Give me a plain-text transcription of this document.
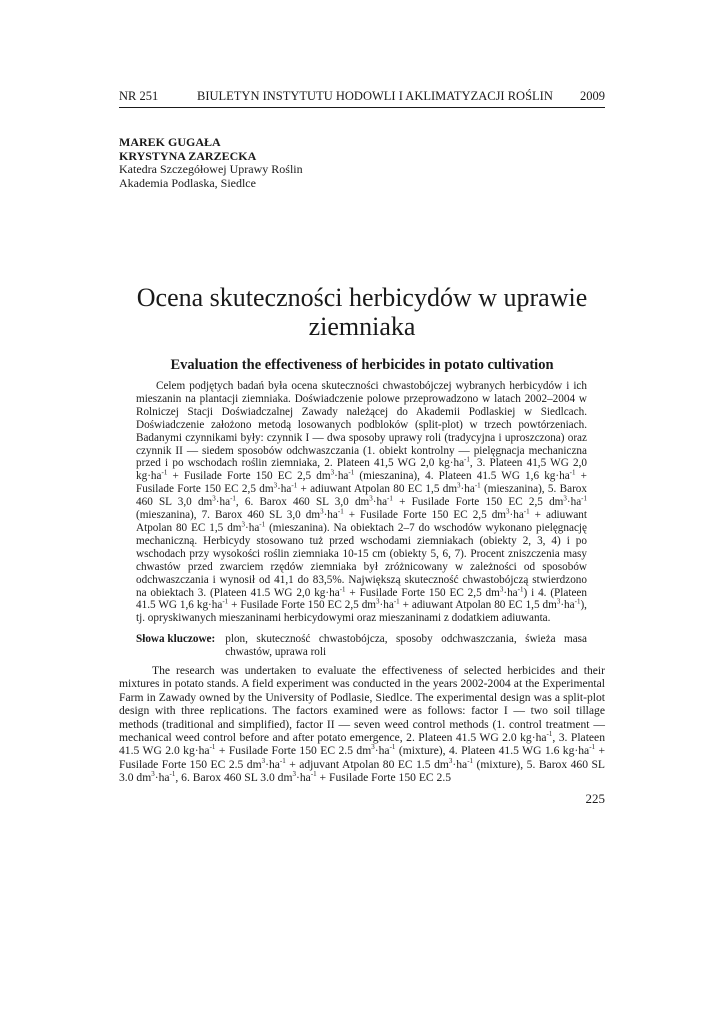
NR 251	BIULETYN INSTYTUTU HODOWLI I AKLIMATYZACJI ROŚLIN 2009
MAREK GUGAŁA
KRYSTYNA ZARZECKA
Katedra Szczegółowej Uprawy Roślin
Akademia Podlaska, Siedlce
Ocena skuteczności herbicydów w uprawie ziemniaka
Evaluation the effectiveness of herbicides in potato cultivation
Celem podjętych badań była ocena skuteczności chwastobójczej wybranych herbicydów i ich mieszanin na plantacji ziemniaka. Doświadczenie polowe przeprowadzono w latach 2002–2004 w Rolniczej Stacji Doświadczalnej Zawady należącej do Akademii Podlaskiej w Siedlcach. Doświadczenie założono metodą losowanych podbloków (split-plot) w trzech powtórzeniach. Badanymi czynnikami były: czynnik I — dwa sposoby uprawy roli (tradycyjna i uproszczona) oraz czynnik II — siedem sposobów odchwaszczania (1. obiekt kontrolny — pielęgnacja mechaniczna przed i po wschodach roślin ziemniaka, 2. Plateen 41,5 WG 2,0 $kg\cdot ha^{-1}$, 3. Plateen 41,5 WG 2,0 $kg\cdot ha^{-1}$ + Fusilade Forte 150 EC 2,5 $dm^3\cdot ha^{-1}$ (mieszanina), 4. Plateen 41.5 WG 1,6 $kg\cdot ha^{-1}$ + Fusilade Forte 150 EC 2,5 $dm^3\cdot ha^{-1}$ + adiuwant Atpolan 80 EC 1,5 $dm^3\cdot ha^{-1}$ (mieszanina), 5. Barox 460 SL 3,0 $dm^3\cdot ha^{-1}$, 6. Barox 460 SL 3,0 $dm^3\cdot ha^{-1}$ + Fusilade Forte 150 EC 2,5 $dm^3\cdot ha^{-1}$ (mieszanina), 7. Barox 460 SL 3,0 $dm^3\cdot ha^{-1}$ + Fusilade Forte 150 EC 2,5 $dm^3\cdot ha^{-1}$ + adiuwant Atpolan 80 EC 1,5 $dm^3\cdot ha^{-1}$ (mieszanina). Na obiektach 2–7 do wschodów wykonano pielęgnację mechaniczną. Herbicydy stosowano tuż przed wschodami ziemniakach (obiekty 2, 3, 4) i po wschodach przy wysokości roślin ziemniaka 10-15 cm (obiekty 5, 6, 7). Procent zniszczenia masy chwastów przed zwarciem rzędów ziemniaka był zróżnicowany w zależności od sposobów odchwaszczania i wynosił od 41,1 do 83,5%. Największą skuteczność chwastobójczą stwierdzono na obiektach 3. (Plateen 41.5 WG 2,0 $kg\cdot ha^{-1}$ + Fusilade Forte 150 EC 2,5 $dm^3\cdot ha^{-1}$) i 4. (Plateen 41.5 WG 1,6 $kg\cdot ha^{-1}$ + Fusilade Forte 150 EC 2,5 $dm^3\cdot ha^{-1}$ + adiuwant Atpolan 80 EC 1,5 $dm^3\cdot ha^{-1}$), tj. opryskiwanych mieszaninami herbicydowymi oraz mieszaninami z dodatkiem adiuwanta.
Słowa kluczowe: plon, skuteczność chwastobójcza, sposoby odchwaszczania, świeża masa chwastów, uprawa roli
The research was undertaken to evaluate the effectiveness of selected herbicides and their mixtures in potato stands. A field experiment was conducted in the years 2002-2004 at the Experimental Farm in Zawady owned by the University of Podlasie, Siedlce. The experimental design was a split-plot design with three replications. The factors examined were as follows: factor I — two soil tillage methods (traditional and simplified), factor II — seven weed control methods (1. control treatment — mechanical weed control before and after potato emergence, 2. Plateen 41.5 WG 2.0 $kg\cdot ha^{-1}$, 3. Plateen 41.5 WG 2.0 $kg\cdot ha^{-1}$ + Fusilade Forte 150 EC 2.5 $dm^3\cdot ha^{-1}$ (mixture), 4. Plateen 41.5 WG 1.6 $kg\cdot ha^{-1}$ + Fusilade Forte 150 EC 2.5 $dm^3\cdot ha^{-1}$ + adjuvant Atpolan 80 EC 1.5 $dm^3\cdot ha^{-1}$ (mixture), 5. Barox 460 SL 3.0 $dm^3\cdot ha^{-1}$, 6. Barox 460 SL 3.0 $dm^3\cdot ha^{-1}$ + Fusilade Forte 150 EC 2.5
225
